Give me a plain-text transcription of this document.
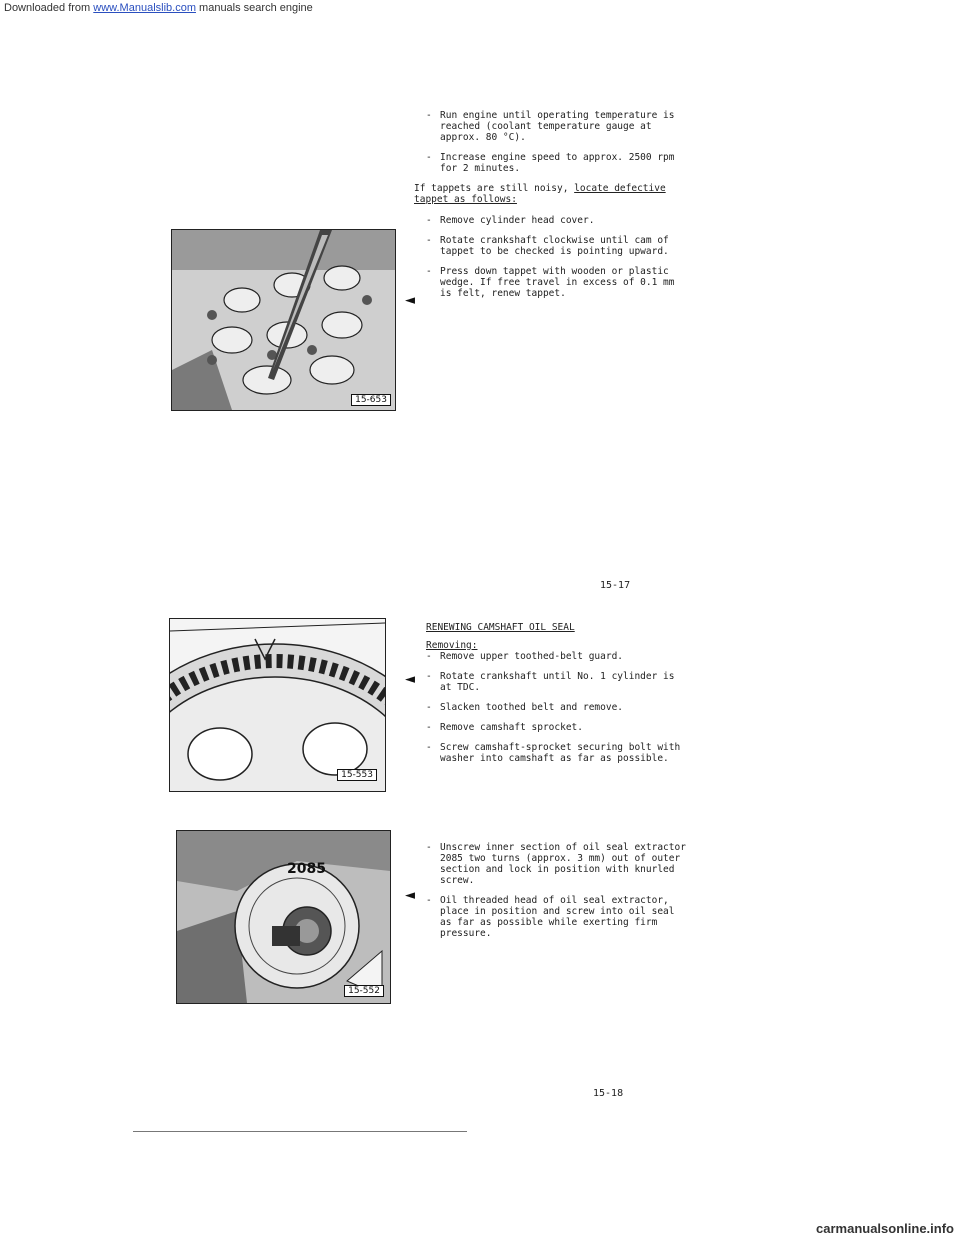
Downloaded from www.Manualslib.com manuals search engine
15-653
- Run engine until operating temperature is
reached (coolant temperature gauge at
approx. 80 °C).
- Increase engine speed to approx. 2500 rpm
for 2 minutes.
If tappets are still noisy, locate defective
tappet as follows:
- Remove cylinder head cover.
- Rotate crankshaft clockwise until cam of
tappet to be checked is pointing upward.
- Press down tappet with wooden or plastic
wedge. If free travel in excess of 0.1 mm
is felt, renew tappet.
◄
15-17
15-553
RENEWING CAMSHAFT OIL SEAL
Removing:
- Remove upper toothed-belt guard.
- Rotate crankshaft until No. 1 cylinder is
at TDC.
- Slacken toothed belt and remove.
- Remove camshaft sprocket.
- Screw camshaft-sprocket securing bolt with
washer into camshaft as far as possible.
◄
2085
15-552
- Unscrew inner section of oil seal extractor
2085 two turns (approx. 3 mm) out of outer
section and lock in position with knurled
screw.
- Oil threaded head of oil seal extractor,
place in position and screw into oil seal
as far as possible while exerting firm
pressure.
◄
15-18
carmanualsonline.info
